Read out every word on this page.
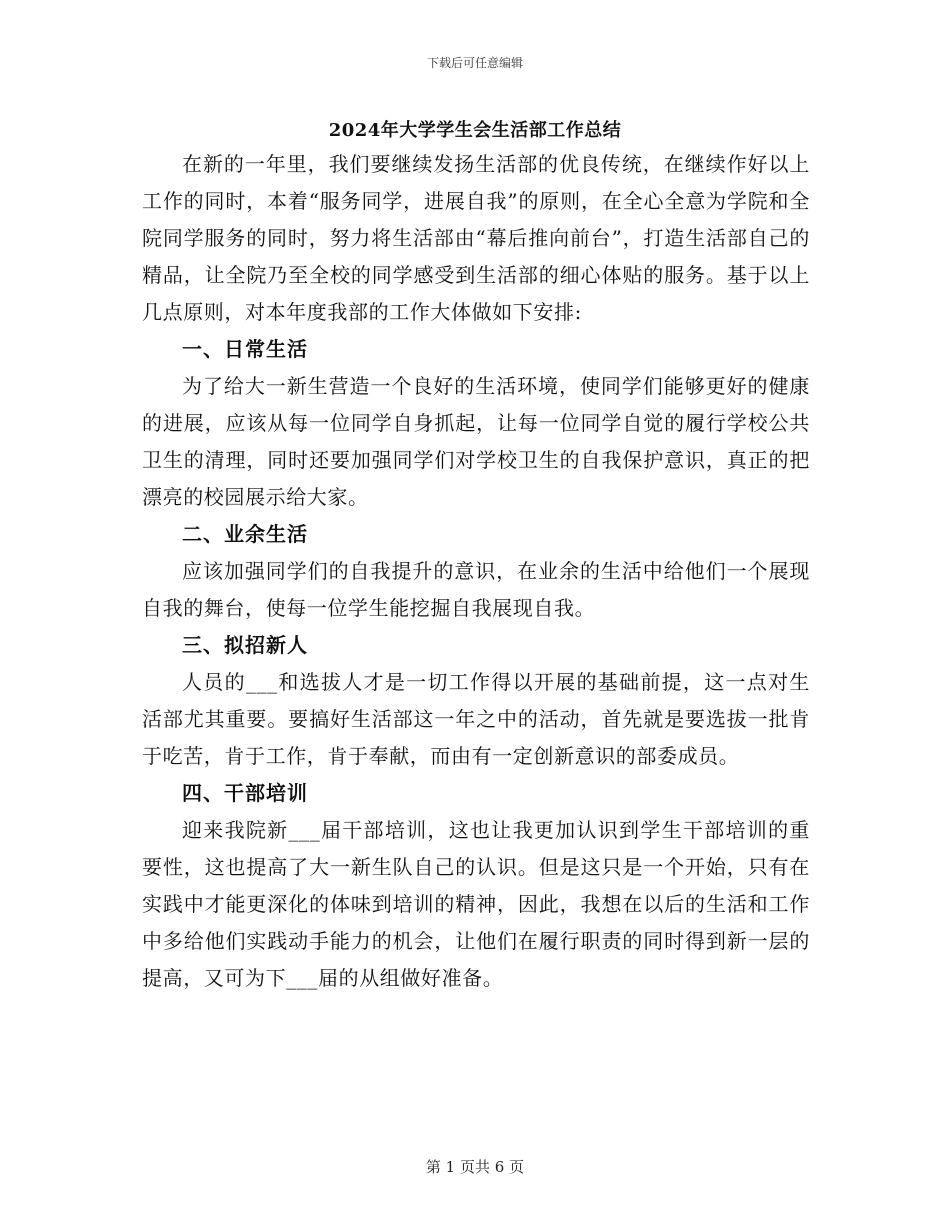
下载后可任意编辑
2024年大学学生会生活部工作总结

在新的一年里，我们要继续发扬生活部的优良传统，在继续作好以上工作的同时，本着“服务同学，进展自我”的原则，在全心全意为学院和全院同学服务的同时，努力将生活部由“幕后推向前台”，打造生活部自己的精品，让全院乃至全校的同学感受到生活部的细心体贴的服务。基于以上几点原则，对本年度我部的工作大体做如下安排:

一、日常生活

为了给大一新生营造一个良好的生活环境，使同学们能够更好的健康的进展，应该从每一位同学自身抓起，让每一位同学自觉的履行学校公共卫生的清理，同时还要加强同学们对学校卫生的自我保护意识，真正的把漂亮的校园展示给大家。

二、业余生活

应该加强同学们的自我提升的意识，在业余的生活中给他们一个展现自我的舞台，使每一位学生能挖掘自我展现自我。

三、拟招新人

人员的___和选拔人才是一切工作得以开展的基础前提，这一点对生活部尤其重要。要搞好生活部这一年之中的活动，首先就是要选拔一批肯于吃苦，肯于工作，肯于奉献，而由有一定创新意识的部委成员。

四、干部培训

迎来我院新___届干部培训，这也让我更加认识到学生干部培训的重要性，这也提高了大一新生队自己的认识。但是这只是一个开始，只有在实践中才能更深化的体味到培训的精神，因此，我想在以后的生活和工作中多给他们实践动手能力的机会，让他们在履行职责的同时得到新一层的提高，又可为下___届的从组做好准备。

第 1 页共 6 页
